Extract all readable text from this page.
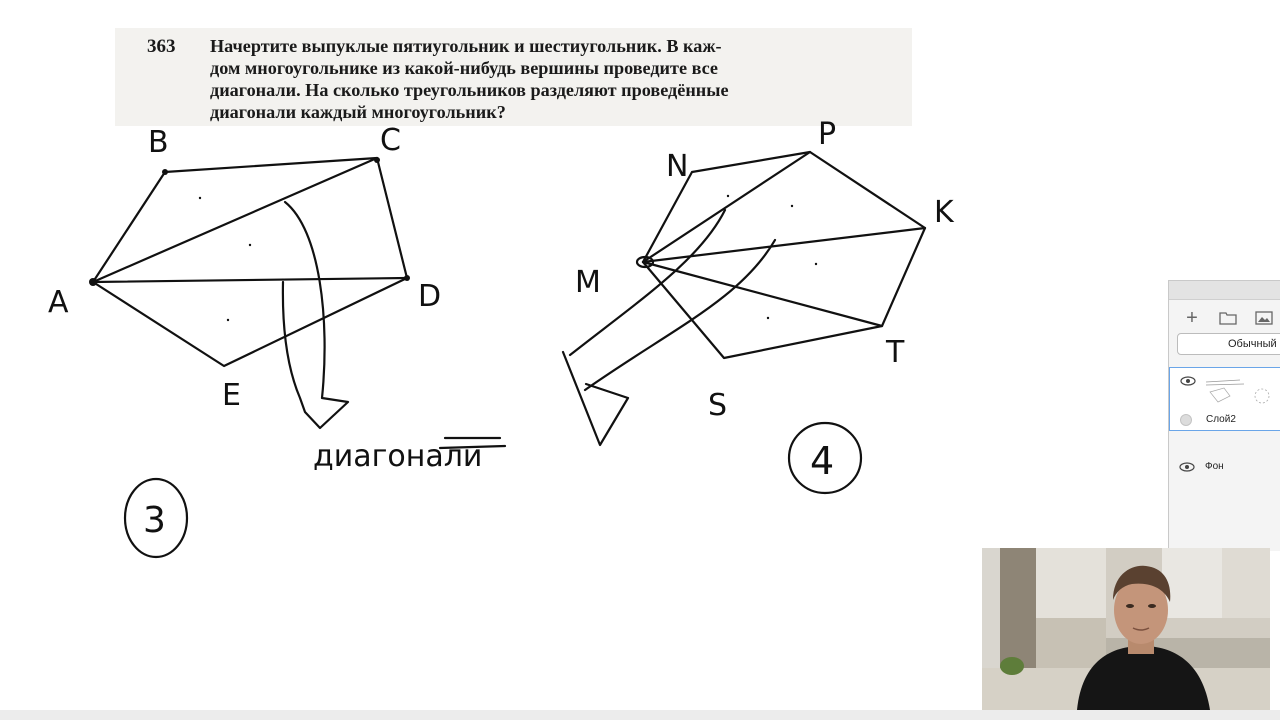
363 Начертите выпуклые пятиугольник и шестиугольник. В каж-
дом многоугольнике из какой-нибудь вершины проведите все
диагонали. На сколько треугольников разделяют проведённые
диагонали каждый многоугольник?
B	C
A	D
E
N
P
K
M
T
S
диагонали
3
4
+
Обычный
Слой2
Фон
